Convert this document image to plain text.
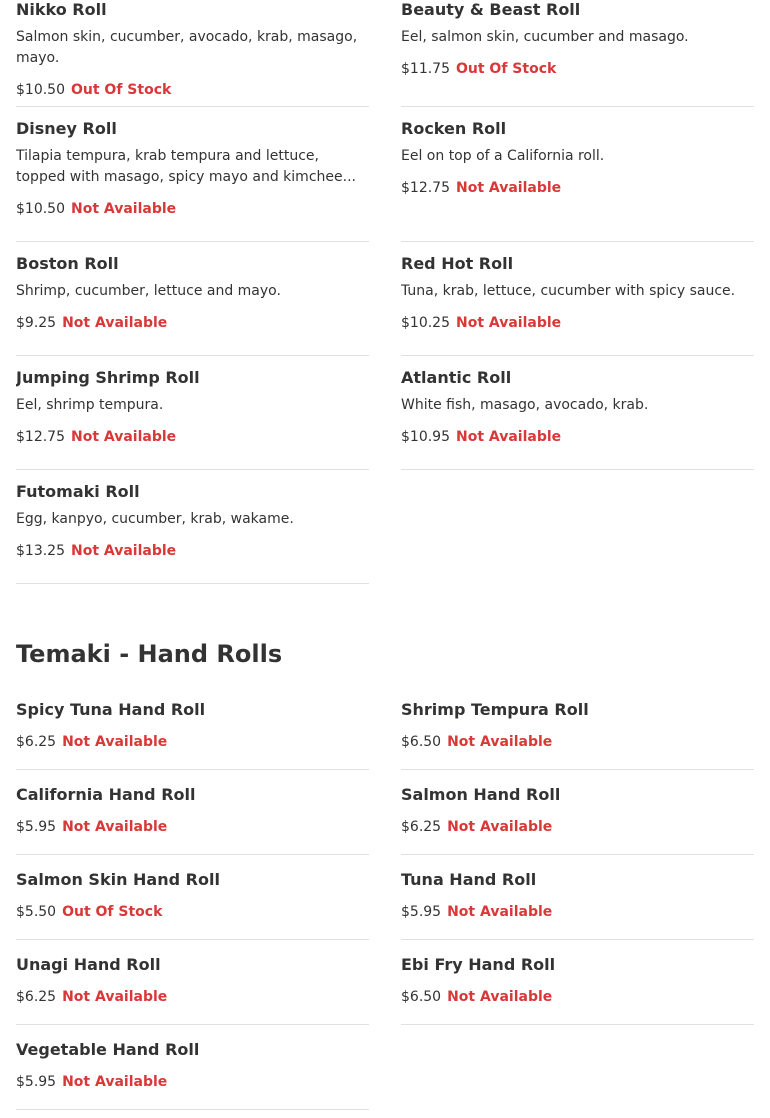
Nikko Roll
Salmon skin, cucumber, avocado, krab, masago, mayo.
$10.50 Out Of Stock
Beauty & Beast Roll
Eel, salmon skin, cucumber and masago.
$11.75 Out Of Stock
Disney Roll
Tilapia tempura, krab tempura and lettuce, topped with masago, spicy mayo and kimchee...
$10.50 Not Available
Rocken Roll
Eel on top of a California roll.
$12.75 Not Available
Boston Roll
Shrimp, cucumber, lettuce and mayo.
$9.25 Not Available
Red Hot Roll
Tuna, krab, lettuce, cucumber with spicy sauce.
$10.25 Not Available
Jumping Shrimp Roll
Eel, shrimp tempura.
$12.75 Not Available
Atlantic Roll
White fish, masago, avocado, krab.
$10.95 Not Available
Futomaki Roll
Egg, kanpyo, cucumber, krab, wakame.
$13.25 Not Available
Temaki - Hand Rolls
Spicy Tuna Hand Roll
$6.25 Not Available
Shrimp Tempura Roll
$6.50 Not Available
California Hand Roll
$5.95 Not Available
Salmon Hand Roll
$6.25 Not Available
Salmon Skin Hand Roll
$5.50 Out Of Stock
Tuna Hand Roll
$5.95 Not Available
Unagi Hand Roll
$6.25 Not Available
Ebi Fry Hand Roll
$6.50 Not Available
Vegetable Hand Roll
$5.95 Not Available
